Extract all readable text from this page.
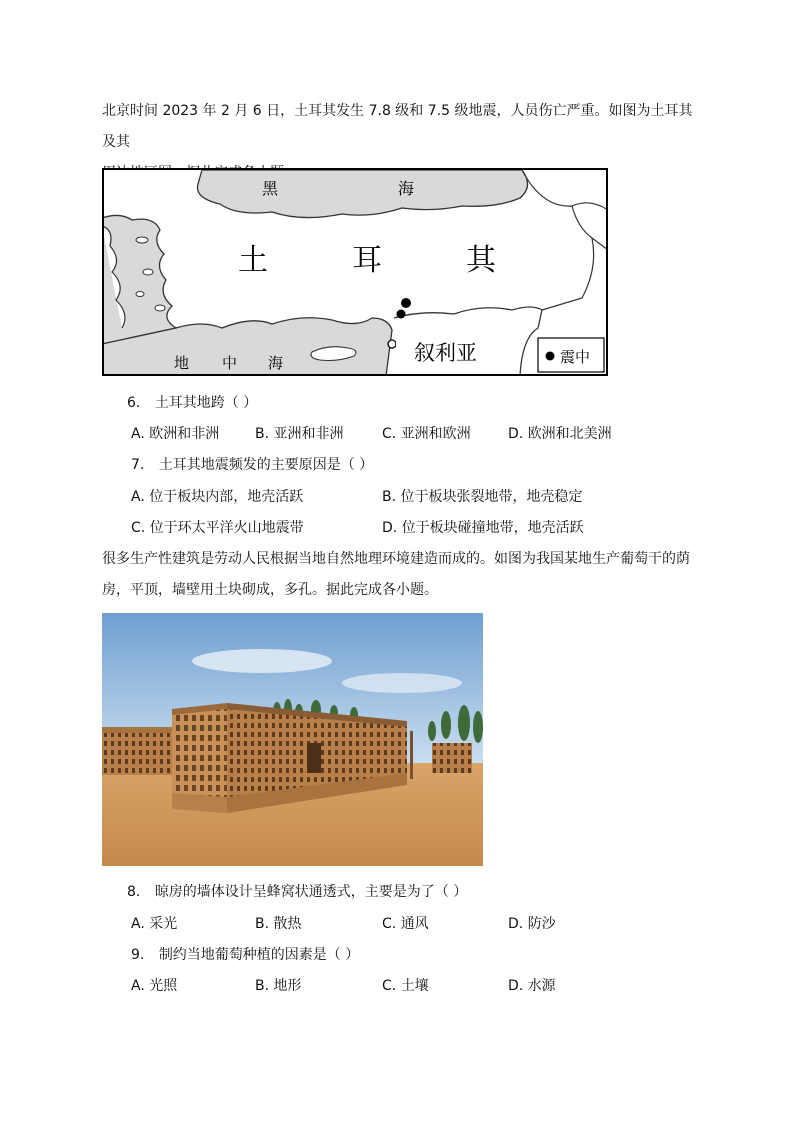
北京时间 2023 年 2 月 6 日，土耳其发生 7.8 级和 7.5 级地震，人员伤亡严重。如图为土耳其及其
黑	海
土	耳	其
地 中 海	叙利亚	震中
6. 土耳其地跨（ ）
A. 欧洲和非洲	B. 亚洲和非洲	C. 亚洲和欧洲	D. 欧洲和北美洲
7. 土耳其地震频发的主要原因是（ ）
A. 位于板块内部，地壳活跃	B. 位于板块张裂地带，地壳稳定
C. 位于环太平洋火山地震带	D. 位于板块碰撞地带，地壳活跃
很多生产性建筑是劳动人民根据当地自然地理环境建造而成的。如图为我国某地生产葡萄干的荫
房，平顶，墙壁用土块砌成，多孔。据此完成各小题。
8. 晾房的墙体设计呈蜂窝状通透式，主要是为了（ ）
A. 采光	B. 散热	C. 通风	D. 防沙
9. 制约当地葡萄种植的因素是（ ）
A. 光照	B. 地形	C. 土壤	D. 水源
